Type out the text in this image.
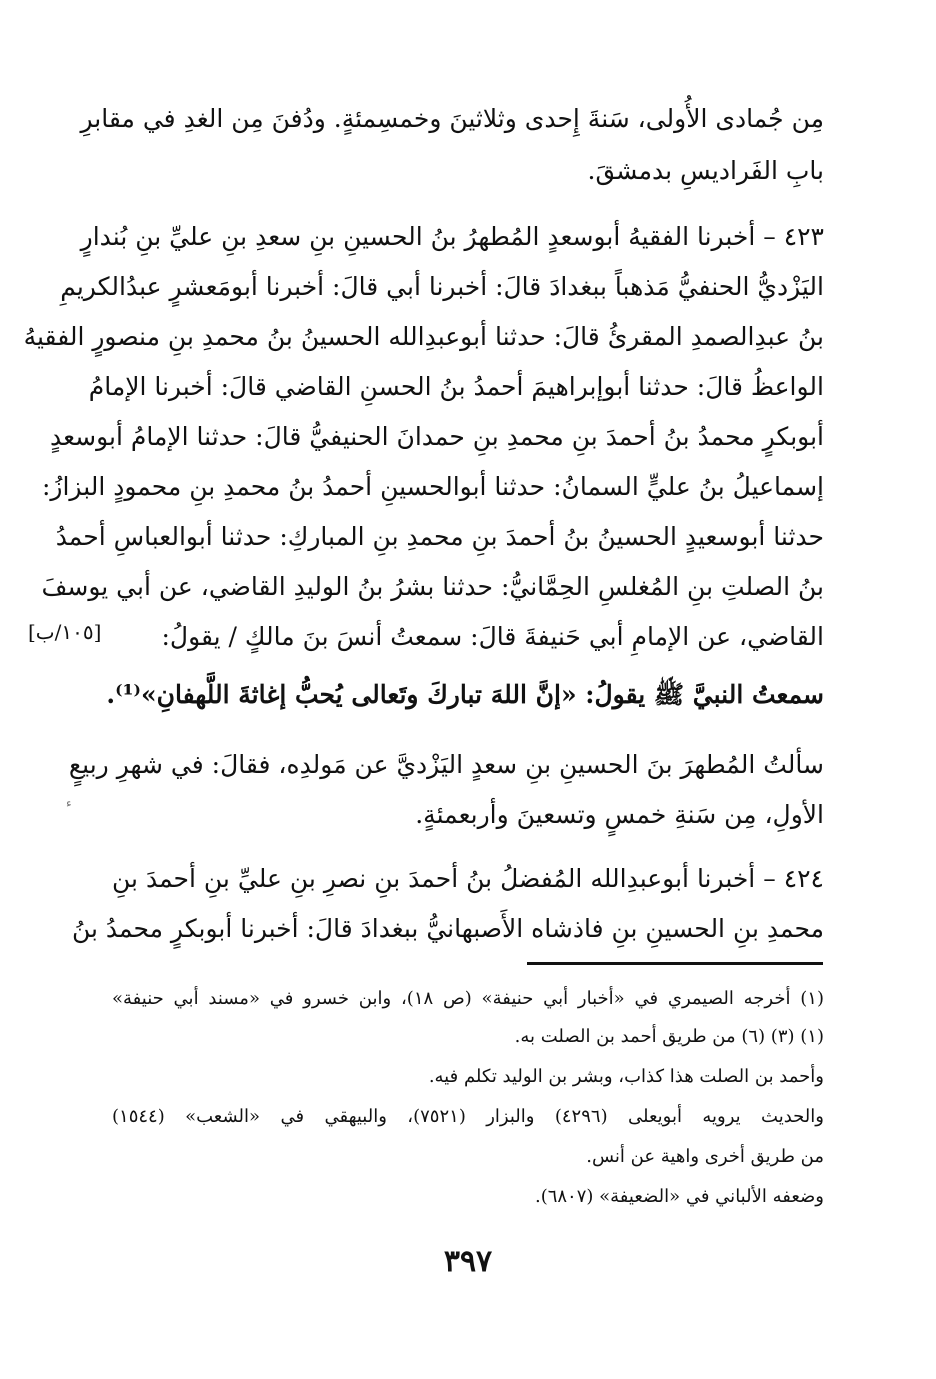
مِن جُمادى الأُولى، سَنةَ إِحدى وثلاثينَ وخمسِمئةٍ. ودُفنَ مِن الغدِ في مقابرِ
بابِ الفَراديسِ بدمشقَ.
٤٢٣ – أخبرنا الفقيهُ أبوسعدٍ المُطهرُ بنُ الحسينِ بنِ سعدِ بنِ عليِّ بنِ بُندارٍ
اليَزْديُّ الحنفيُّ مَذهباً ببغدادَ قالَ: أخبرنا أبي قالَ: أخبرنا أبومَعشرٍ عبدُالكريمِ
بنُ عبدِالصمدِ المقرئُ قالَ: حدثنا أبوعبدِالله الحسينُ بنُ محمدِ بنِ منصورٍ الفقيهُ
الواعظُ قالَ: حدثنا أبوإبراهيمَ أحمدُ بنُ الحسنِ القاضي قالَ: أخبرنا الإمامُ
أبوبكرٍ محمدُ بنُ أحمدَ بنِ محمدِ بنِ حمدانَ الحنيفيُّ قالَ: حدثنا الإمامُ أبوسعدٍ
إسماعيلُ بنُ عليٍّ السمانُ: حدثنا أبوالحسينِ أحمدُ بنُ محمدِ بنِ محمودٍ البزازُ:
حدثنا أبوسعيدٍ الحسينُ بنُ أحمدَ بنِ محمدِ بنِ المباركِ: حدثنا أبوالعباسِ أحمدُ
بنُ الصلتِ بنِ المُغلسِ الحِمَّانيُّ: حدثنا بشرُ بنُ الوليدِ القاضي، عن أبي يوسفَ
القاضي، عن الإمامِ أبي حَنيفةَ قالَ: سمعتُ أنسَ بنَ مالكٍ / يقولُ:
سمعتُ النبيَّ ﷺ يقولُ: «إنَّ اللهَ تباركَ وتَعالى يُحبُّ إغاثةَ اللَّهفانِ»⁽¹⁾.
سألتُ المُطهرَ بنَ الحسينِ بنِ سعدٍ اليَزْديَّ عن مَولدِه، فقالَ: في شهرِ ربيعٍ
الأولِ، مِن سَنةِ خمسٍ وتسعينَ وأربعمئةٍ.
٤٢٤ – أخبرنا أبوعبدِالله المُفضلُ بنُ أحمدَ بنِ نصرِ بنِ عليِّ بنِ أحمدَ بنِ
محمدِ بنِ الحسينِ بنِ فاذشاه الأَصبهانيُّ ببغدادَ قالَ: أخبرنا أبوبكرٍ محمدُ بنُ
[١٠٥/ب]
ﺀ
(١) أخرجه الصيمري في «أخبار أبي حنيفة» (ص ١٨)، وابن خسرو في «مسند أبي حنيفة»
(١) (٣) (٦) من طريق أحمد بن الصلت به.
وأحمد بن الصلت هذا كذاب، وبشر بن الوليد تكلم فيه.
والحديث يرويه أبويعلى (٤٢٩٦) والبزار (٧٥٢١)، والبيهقي في «الشعب» (١٥٤٤)
من طريق أخرى واهية عن أنس.
وضعفه الألباني في «الضعيفة» (٦٨٠٧).
٣٩٧
